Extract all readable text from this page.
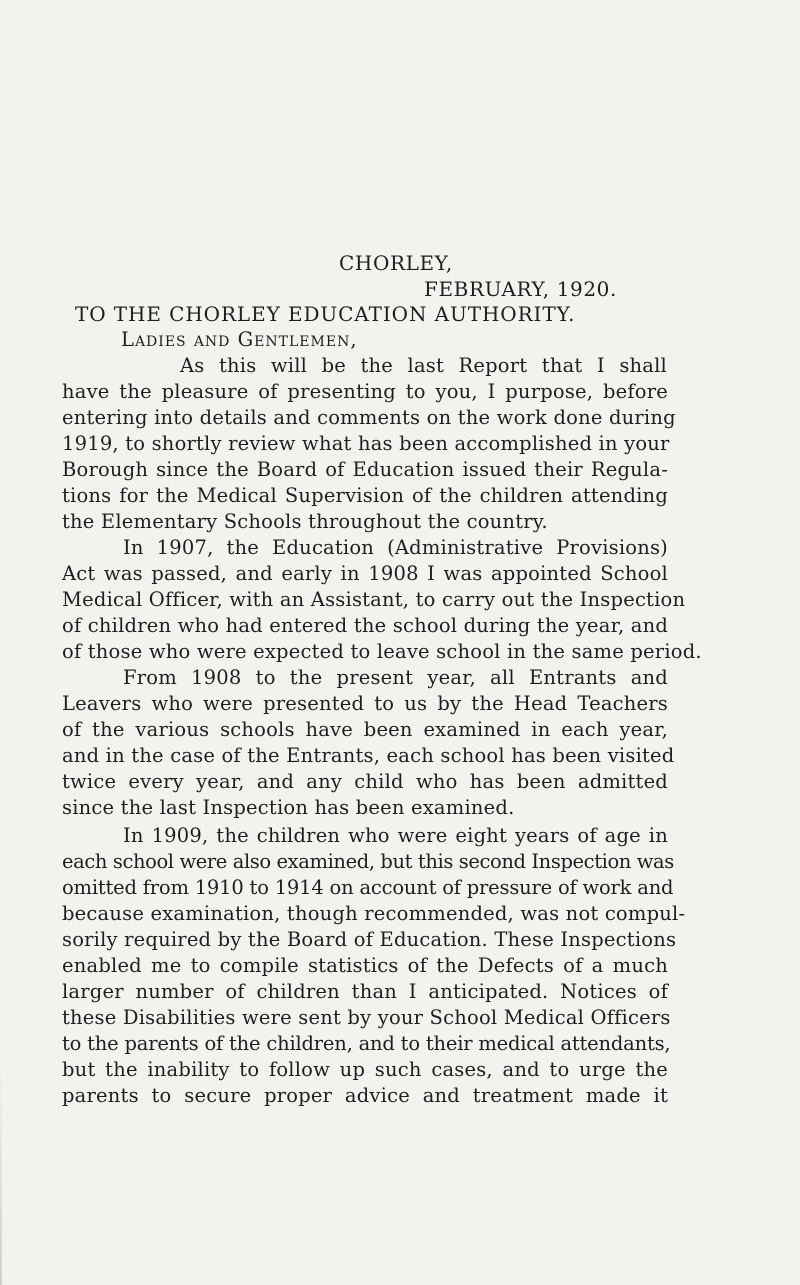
CHORLEY,
FEBRUARY, 1920.
TO THE CHORLEY EDUCATION AUTHORITY.
Ladies and Gentlemen,
As this will be the last Report that I shall
have the pleasure of presenting to you, I purpose, before
entering into details and comments on the work done during
1919, to shortly review what has been accomplished in your
Borough since the Board of Education issued their Regula-
tions for the Medical Supervision of the children attending
the Elementary Schools throughout the country.
In 1907, the Education (Administrative Provisions)
Act was passed, and early in 1908 I was appointed School
Medical Officer, with an Assistant, to carry out the Inspection
of children who had entered the school during the year, and
of those who were expected to leave school in the same period.
From 1908 to the present year, all Entrants and
Leavers who were presented to us by the Head Teachers
of the various schools have been examined in each year,
and in the case of the Entrants, each school has been visited
twice every year, and any child who has been admitted
since the last Inspection has been examined.
In 1909, the children who were eight years of age in
each school were also examined, but this second Inspection was
omitted from 1910 to 1914 on account of pressure of work and
because examination, though recommended, was not compul-
sorily required by the Board of Education. These Inspections
enabled me to compile statistics of the Defects of a much
larger number of children than I anticipated. Notices of
these Disabilities were sent by your School Medical Officers
to the parents of the children, and to their medical attendants,
but the inability to follow up such cases, and to urge the
parents to secure proper advice and treatment made it
